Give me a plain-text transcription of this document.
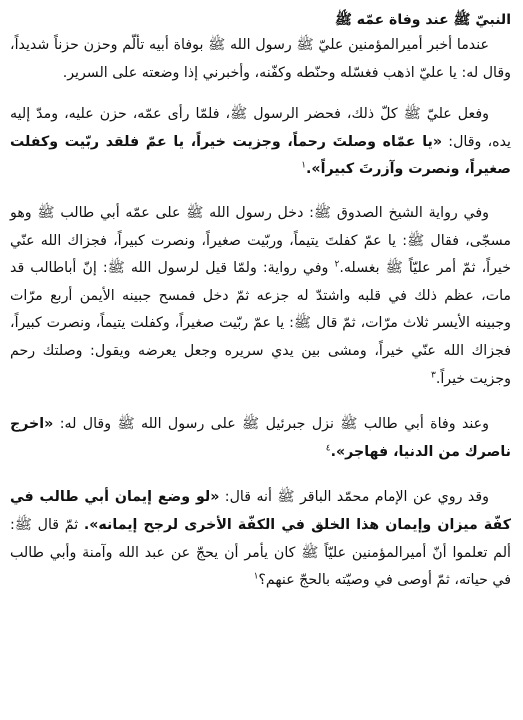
النبيّ ﷺ عند وفاة عمّه ﷺ

عندما أخبر أميرالمؤمنين عليّ ﷺ رسول الله ﷺ بوفاة أبيه تألّم وحزن حزناً شديداً، وقال له: يا عليّ اذهب فغسّله وحنّطه وكفّنه، وأخبرني إذا وضعته على السرير.

وفعل عليّ ﷺ كلّ ذلك، فحضر الرسول ﷺ، فلمّا رأى عمّه، حزن عليه، ومدّ إليه يده، وقال: «يا عمّاه وصلتَ رحماً، وجزيت خيراً، يا عمّ فلقد ربّيت وكفلت صغيراً، ونصرت وآزرتَ كبيراً».$^١$

وفي رواية الشيخ الصدوق ﷺ: دخل رسول الله ﷺ على عمّه أبي طالب ﷺ وهو مسجّى، فقال ﷺ: يا عمّ كفلتَ يتيماً، وربّيت صغيراً، ونصرت كبيراً، فجزاك الله عنّي خيراً، ثمّ أمر عليّاً ﷺ بغسله.$^٢$ وفي رواية: ولمّا قيل لرسول الله ﷺ: إنّ أباطالب قد مات، عظم ذلك في قلبه واشتدّ له جزعه ثمّ دخل فمسح جبينه الأيمن أربع مرّات وجبينه الأيسر ثلاث مرّات، ثمّ قال ﷺ: يا عمّ ربّيت صغيراً، وكفلت يتيماً، ونصرت كبيراً، فجزاك الله عنّي خيراً، ومشى بين يدي سريره وجعل يعرضه ويقول: وصلتك رحم وجزيت خيراً.$^٣$

وعند وفاة أبي طالب ﷺ نزل جبرئيل ﷺ على رسول الله ﷺ وقال له: «اخرج ناصرك من الدنيا، فهاجر».$^٤$

وقد روي عن الإمام محمّد الباقر ﷺ أنه قال: «لو وضع إيمان أبي طالب في كفّة ميزان وإيمان هذا الخلق في الكفّة الأخرى لرجح إيمانه». ثمّ قال ﷺ: ألم تعلموا أنّ أميرالمؤمنين عليّاً ﷺ كان يأمر أن يحجّ عن عبد الله وآمنة وأبي طالب في حياته، ثمّ أوصى في وصيّته بالحجّ عنهم؟$^١$
